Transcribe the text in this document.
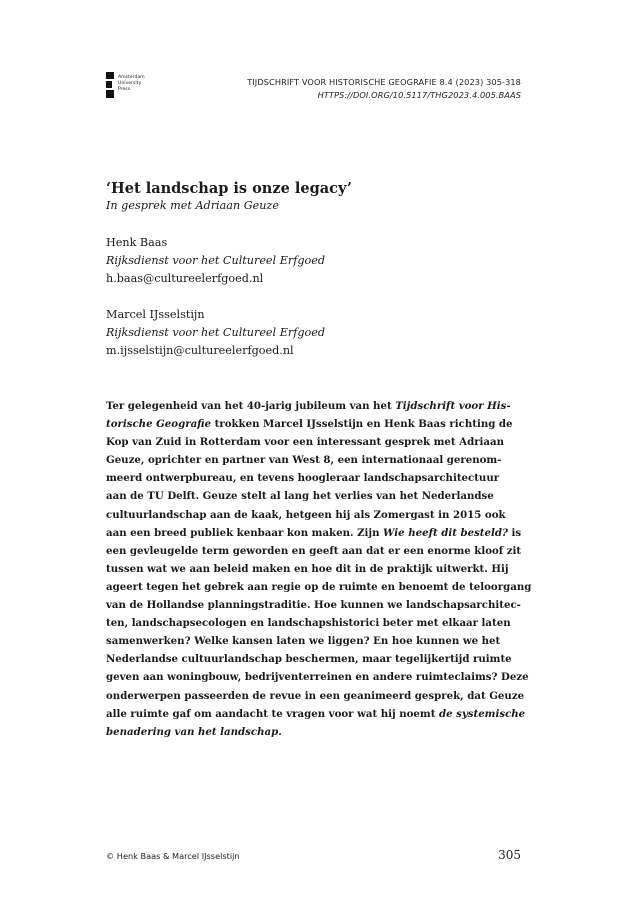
Amsterdam
University
Press
TIJDSCHRIFT VOOR HISTORISCHE GEOGRAFIE 8.4 (2023) 305-318
HTTPS://DOI.ORG/10.5117/THG2023.4.005.BAAS
‘Het landschap is onze legacy’
In gesprek met Adriaan Geuze
Henk Baas
Rijksdienst voor het Cultureel Erfgoed
h.baas@cultureelerfgoed.nl
Marcel IJsselstijn
Rijksdienst voor het Cultureel Erfgoed
m.ijsselstijn@cultureelerfgoed.nl
Ter gelegenheid van het 40-jarig jubileum van het Tijdschrift voor His-
torische Geografie trokken Marcel IJsselstijn en Henk Baas richting de
Kop van Zuid in Rotterdam voor een interessant gesprek met Adriaan
Geuze, oprichter en partner van West 8, een internationaal gerenom-
meerd ontwerpbureau, en tevens hoogleraar landschapsarchitectuur
aan de TU Delft. Geuze stelt al lang het verlies van het Nederlandse
cultuurlandschap aan de kaak, hetgeen hij als Zomergast in 2015 ook
aan een breed publiek kenbaar kon maken. Zijn Wie heeft dit besteld? is
een gevleugelde term geworden en geeft aan dat er een enorme kloof zit
tussen wat we aan beleid maken en hoe dit in de praktijk uitwerkt. Hij
ageert tegen het gebrek aan regie op de ruimte en benoemt de teloorgang
van de Hollandse planningstraditie. Hoe kunnen we landschapsarchitec-
ten, landschapsecologen en landschapshistorici beter met elkaar laten
samenwerken? Welke kansen laten we liggen? En hoe kunnen we het
Nederlandse cultuurlandschap beschermen, maar tegelijkertijd ruimte
geven aan woningbouw, bedrijventerreinen en andere ruimteclaims? Deze
onderwerpen passeerden de revue in een geanimeerd gesprek, dat Geuze
alle ruimte gaf om aandacht te vragen voor wat hij noemt de systemische
benadering van het landschap.
© Henk Baas & Marcel IJsselstijn	305
